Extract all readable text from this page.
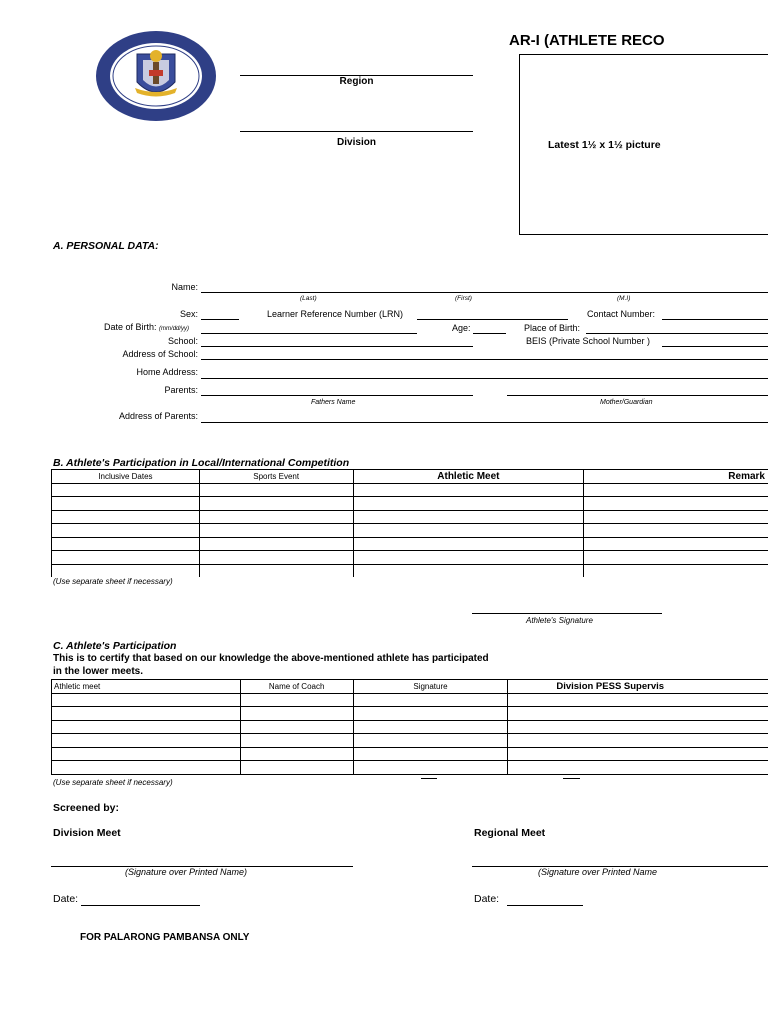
AR-I (ATHLETE RECO
Region
Division	Latest 1½ x 1½ picture
A. PERSONAL DATA:
Name:
(Last)	(First)	(M.I)
Sex:	Learner Reference Number (LRN)	Contact Number:
Date of Birth: (mm/dd/yy)	Age:	Place of Birth:
School:	BEIS (Private School Number )
Address of School:
Home Address:
Parents:
Fathers Name	Mother/Guardian
Address of Parents:
B. Athlete's Participation in Local/International Competition
Inclusive Dates	Sports Event	Athletic Meet	Remark

(Use separate sheet if necessary)
Athlete's Signature
C. Athlete's Participation
This is to certify that based on our knowledge the above-mentioned athlete has participated
in the lower meets.
Athletic meet	Name of Coach	Signature	Division PESS Supervis

(Use separate sheet if necessary)
Screened by:
Division Meet	Regional Meet
(Signature over Printed Name)	(Signature over Printed Name
Date:	Date:
FOR PALARONG PAMBANSA ONLY
